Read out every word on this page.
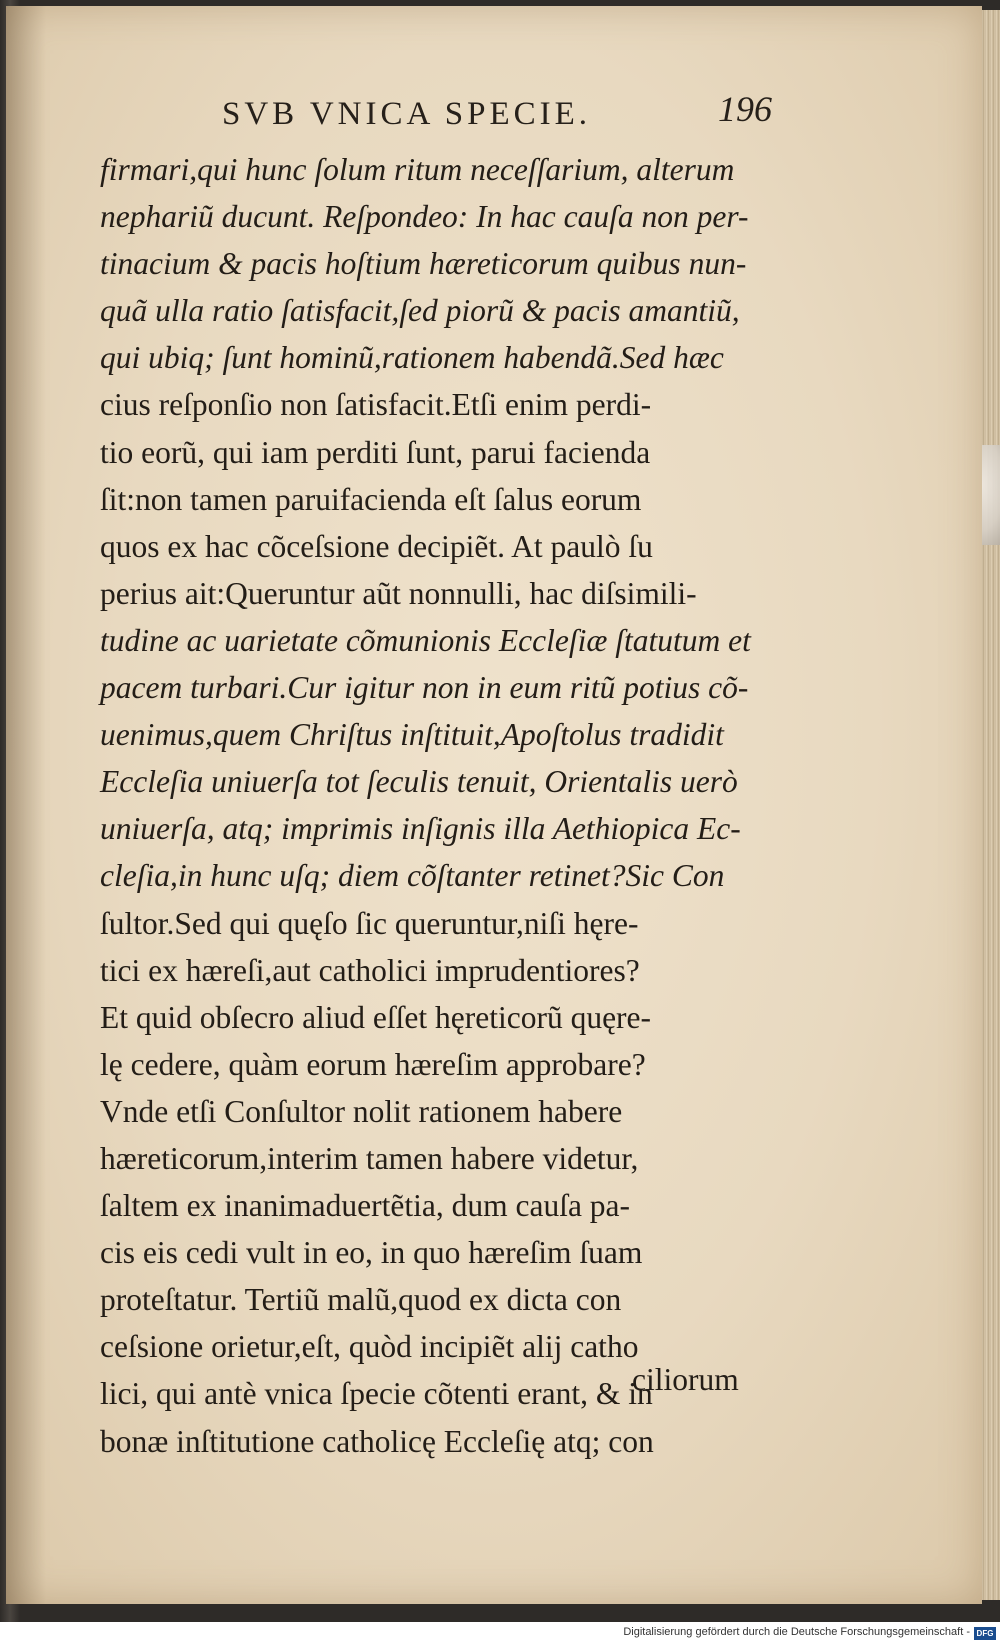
SVB VNICA SPECIE.	196
firmari,qui hunc ſolum ritum neceſſarium, alterum
nephariũ ducunt. Reſpondeo: In hac cauſa non per-
tinacium & pacis hoſtium hæreticorum quibus nun-
quã ulla ratio ſatisfacit,ſed piorũ & pacis amantiũ,
qui ubiq; ſunt hominũ,rationem habendã.Sed hæc
cius reſponſio non ſatisfacit.Etſi enim perdi-
tio eorũ, qui iam perditi ſunt, parui facienda
ſit:non tamen paruifacienda eſt ſalus eorum
quos ex hac cõceſsione decipiẽt. At paulò ſu
perius ait:Queruntur aũt nonnulli, hac diſsimili-
tudine ac uarietate cõmunionis Eccleſiæ ſtatutum et
pacem turbari.Cur igitur non in eum ritũ potius cõ-
uenimus,quem Chriſtus inſtituit,Apoſtolus tradidit
Eccleſia uniuerſa tot ſeculis tenuit, Orientalis uerò
uniuerſa, atq; imprimis inſignis illa Aethiopica Ec-
cleſia,in hunc uſq; diem cõſtanter retinet?Sic Con
ſultor.Sed qui quęſo ſic queruntur,niſi hęre-
tici ex hæreſi,aut catholici imprudentiores?
Et quid obſecro aliud eſſet hęreticorũ quęre-
lę cedere, quàm eorum hæreſim approbare?
Vnde etſi Conſultor nolit rationem habere
hæreticorum,interim tamen habere videtur,
ſaltem ex inanimaduertẽtia, dum cauſa pa-
cis eis cedi vult in eo, in quo hæreſim ſuam
proteſtatur. Tertiũ malũ,quod ex dicta con
ceſsione orietur,eſt, quòd incipiẽt alij catho
lici, qui antè vnica ſpecie cõtenti erant, & in
bonæ inſtitutione catholicę Eccleſię atq; con
ciliorum
Digitalisierung gefördert durch die Deutsche Forschungsgemeinschaft - DFG
